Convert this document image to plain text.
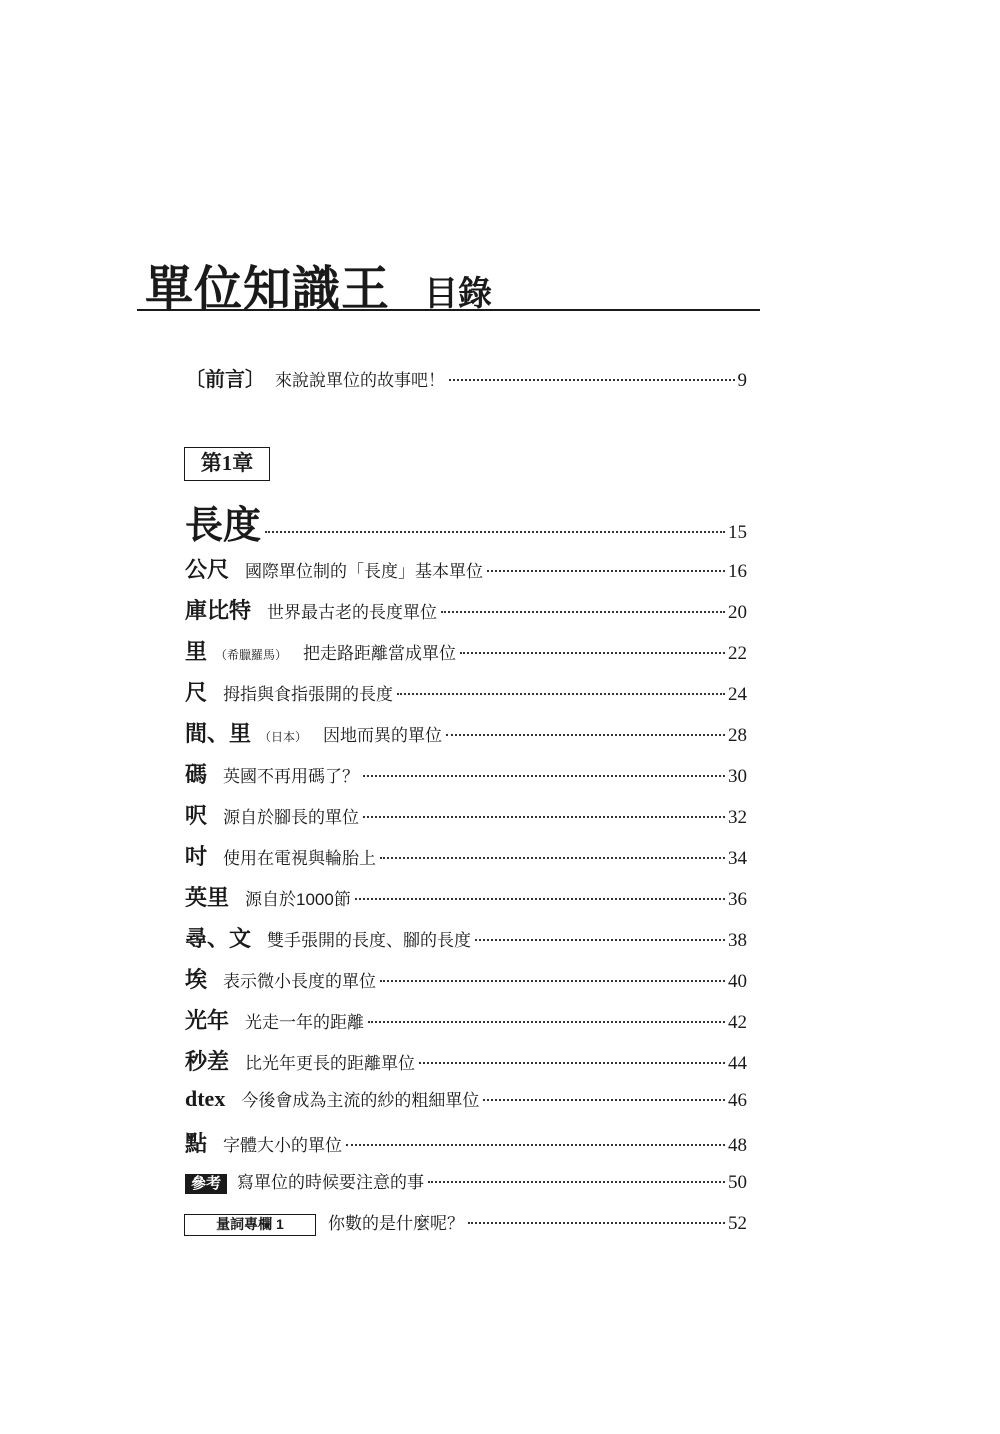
單位知識王 目錄
〔前言〕 來說說單位的故事吧！	9
第1章
長度	15
公尺 國際單位制的「長度」基本單位	16
庫比特 世界最古老的長度單位	20
里 （希臘羅馬） 把走路距離當成單位	22
尺 拇指與食指張開的長度	24
間、里 （日本） 因地而異的單位	28
碼 英國不再用碼了？	30
呎 源自於腳長的單位	32
吋 使用在電視與輪胎上	34
英里 源自於1000節	36
尋、文 雙手張開的長度、腳的長度	38
埃 表示微小長度的單位	40
光年 光走一年的距離	42
秒差 比光年更長的距離單位	44
dtex 今後會成為主流的紗的粗細單位	46
點 字體大小的單位	48
參考 寫單位的時候要注意的事	50
量詞專欄 1	你數的是什麼呢？	52
